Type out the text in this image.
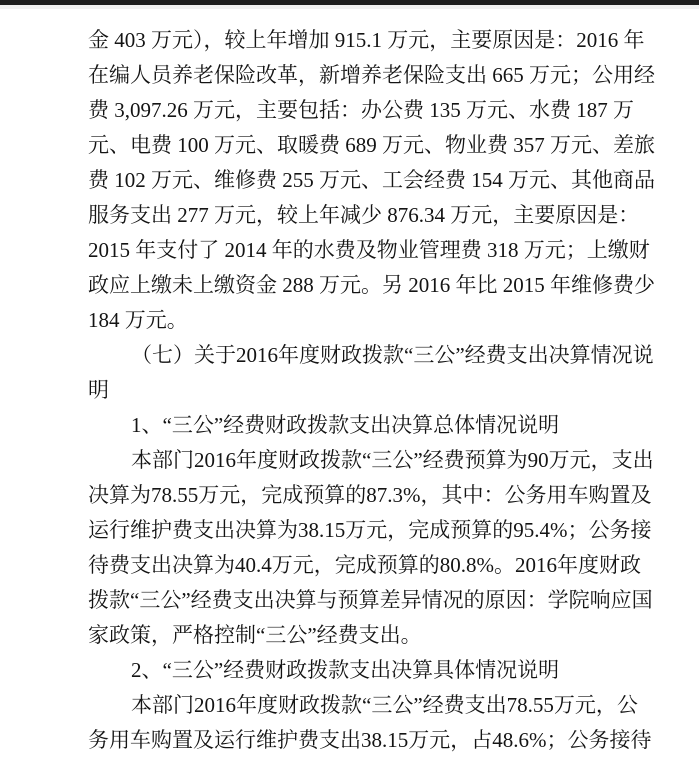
金 403 万元），较上年增加 915.1 万元，主要原因是：2016 年
在编人员养老保险改革，新增养老保险支出 665 万元；公用经
费 3,097.26 万元，主要包括：办公费 135 万元、水费 187 万
元、电费 100 万元、取暖费 689 万元、物业费 357 万元、差旅
费 102 万元、维修费 255 万元、工会经费 154 万元、其他商品
服务支出 277 万元，较上年减少 876.34 万元，主要原因是：
2015 年支付了 2014 年的水费及物业管理费 318 万元；上缴财
政应上缴未上缴资金 288 万元。另 2016 年比 2015 年维修费少
184 万元。
（七）关于2016年度财政拨款“三公”经费支出决算情况说
明
1、“三公”经费财政拨款支出决算总体情况说明
本部门2016年度财政拨款“三公”经费预算为90万元，支出
决算为78.55万元，完成预算的87.3%，其中：公务用车购置及
运行维护费支出决算为38.15万元，完成预算的95.4%；公务接
待费支出决算为40.4万元，完成预算的80.8%。2016年度财政
拨款“三公”经费支出决算与预算差异情况的原因：学院响应国
家政策，严格控制“三公”经费支出。
2、“三公”经费财政拨款支出决算具体情况说明
本部门2016年度财政拨款“三公”经费支出78.55万元，公
务用车购置及运行维护费支出38.15万元，占48.6%；公务接待
